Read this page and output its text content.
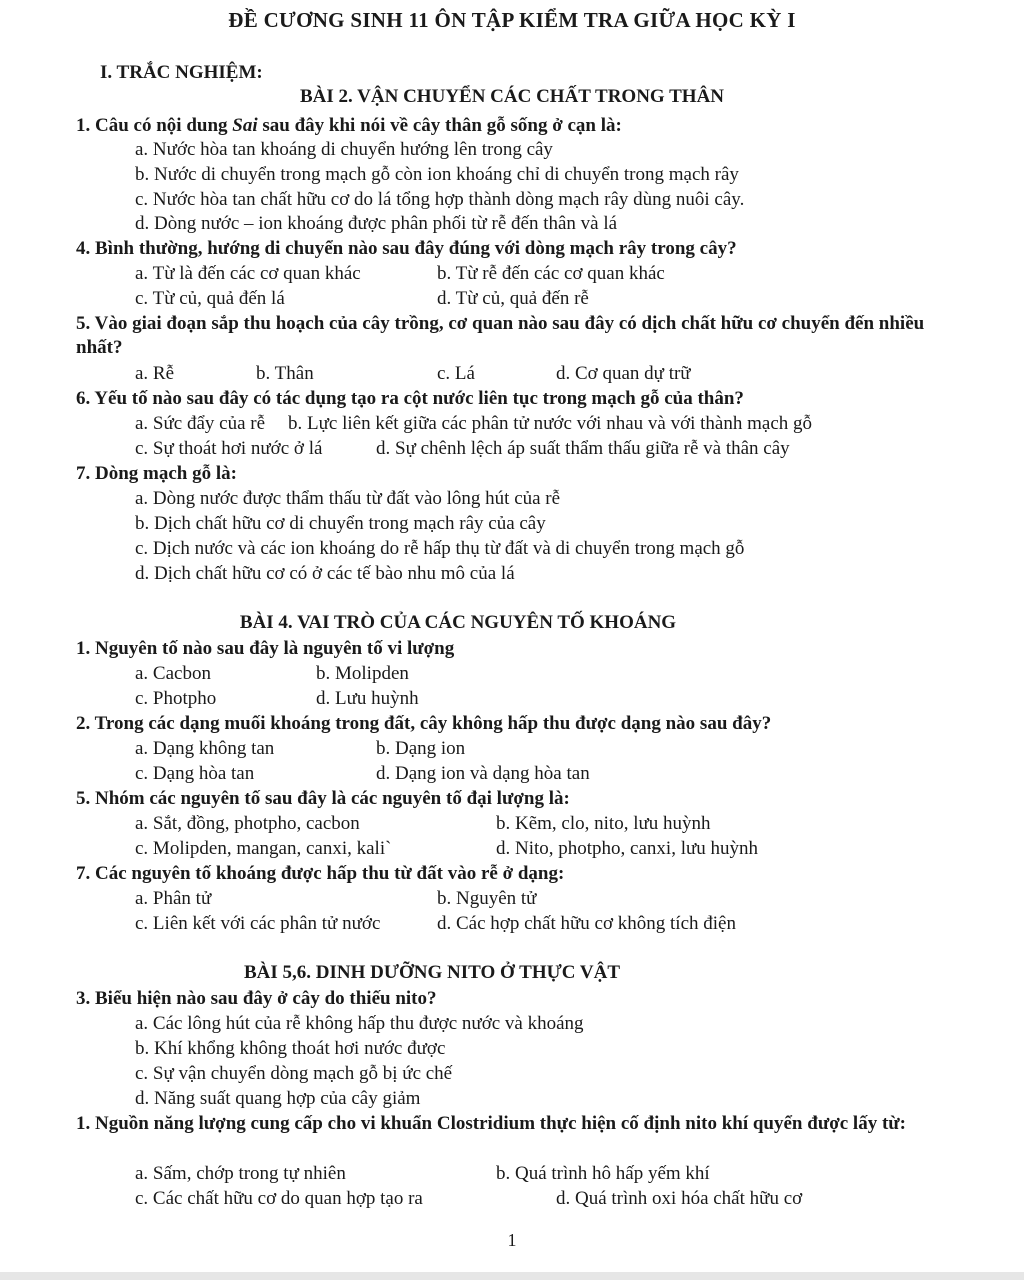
ĐỀ CƯƠNG SINH 11 ÔN TẬP KIỂM TRA GIỮA HỌC KỲ I
I. TRẮC NGHIỆM:
BÀI 2. VẬN CHUYỂN CÁC CHẤT TRONG THÂN
1. Câu có nội dung Sai sau đây khi nói về cây thân gỗ sống ở cạn là:
a. Nước hòa tan khoáng di chuyển hướng lên trong cây
b. Nước di chuyển trong mạch gỗ còn ion khoáng chỉ di chuyển trong mạch rây
c. Nước hòa tan chất hữu cơ do lá tổng hợp thành dòng mạch rây dùng nuôi cây.
d. Dòng nước – ion khoáng được phân phối từ rễ đến thân và lá
4. Bình thường, hướng di chuyển nào sau đây đúng với dòng mạch rây trong cây?
a. Từ là đến các cơ quan khác	b. Từ rễ đến các cơ quan khác
c. Từ củ, quả đến lá	d. Từ củ, quả đến rễ
5. Vào giai đoạn sắp thu hoạch của cây trồng, cơ quan nào sau đây có dịch chất hữu cơ chuyển đến nhiều nhất?
a. Rễ	b. Thân	c. Lá	d. Cơ quan dự trữ
6. Yếu tố nào sau đây có tác dụng tạo ra cột nước liên tục trong mạch gỗ của thân?
a. Sức đẩy của rễ b. Lực liên kết giữa các phân tử nước với nhau và với thành mạch gỗ
c. Sự thoát hơi nước ở lá	d. Sự chênh lệch áp suất thẩm thấu giữa rễ và thân cây
7. Dòng mạch gỗ là:
a. Dòng nước được thẩm thấu từ đất vào lông hút của rễ
b. Dịch chất hữu cơ di chuyển trong mạch rây của cây
c. Dịch nước và các ion khoáng do rễ hấp thụ từ đất và di chuyển trong mạch gỗ
d. Dịch chất hữu cơ có ở các tế bào nhu mô của lá
BÀI 4. VAI TRÒ CỦA CÁC NGUYÊN TỐ KHOÁNG
1. Nguyên tố nào sau đây là nguyên tố vi lượng
a. Cacbon	b. Molipden
c. Photpho	d. Lưu huỳnh
2. Trong các dạng muối khoáng trong đất, cây không hấp thu được dạng nào sau đây?
a. Dạng không tan	b. Dạng ion
c. Dạng hòa tan	d. Dạng ion và dạng hòa tan
5. Nhóm các nguyên tố sau đây là các nguyên tố đại lượng là:
a. Sắt, đồng, photpho, cacbon	b. Kẽm, clo, nito, lưu huỳnh
c. Molipden, mangan, canxi, kali`	d. Nito, photpho, canxi, lưu huỳnh
7. Các nguyên tố khoáng được hấp thu từ đất vào rễ ở dạng:
a. Phân tử	b. Nguyên tử
c. Liên kết với các phân tử nước	d. Các hợp chất hữu cơ không tích điện
BÀI 5,6. DINH DƯỠNG NITO Ở THỰC VẬT
3. Biểu hiện nào sau đây ở cây do thiếu nito?
a. Các lông hút của rễ không hấp thu được nước và khoáng
b. Khí khổng không thoát hơi nước được
c. Sự vận chuyển dòng mạch gỗ bị ức chế
d. Năng suất quang hợp của cây giảm
1. Nguồn năng lượng cung cấp cho vi khuẩn Clostridium thực hiện cố định nito khí quyển được lấy từ:
a. Sấm, chớp trong tự nhiên	b. Quá trình hô hấp yếm khí
c. Các chất hữu cơ do quan hợp tạo ra	d. Quá trình oxi hóa chất hữu cơ
1
